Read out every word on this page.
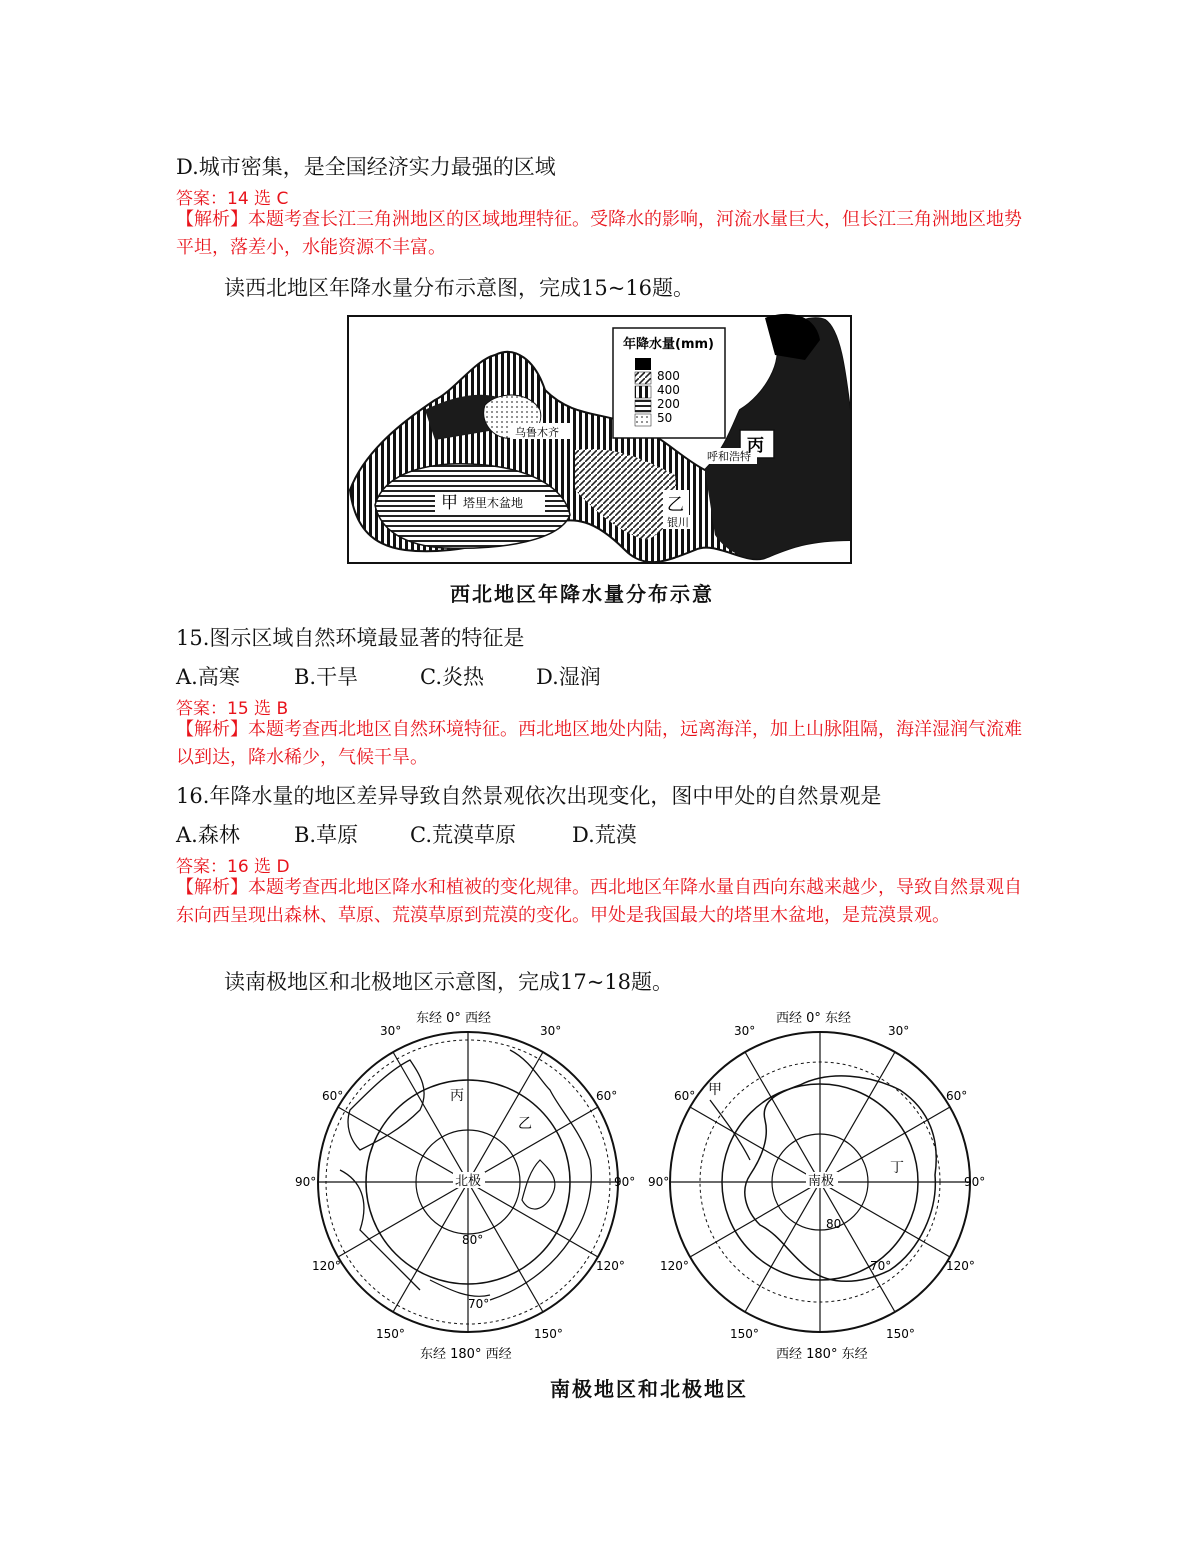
D.城市密集，是全国经济实力最强的区域
答案：14 选 C
【解析】本题考查长江三角洲地区的区域地理特征。受降水的影响，河流水量巨大，但长江三角洲地区地势平坦，落差小，水能资源不丰富。
读西北地区年降水量分布示意图，完成15~16题。
年降水量(mm)
800
400
200
50
乌鲁木齐
甲 塔里木盆地
丙
呼和浩特
乙
银川
西北地区年降水量分布示意
15.图示区域自然环境最显著的特征是
A.高寒	B.干旱	C.炎热 D.湿润
答案：15 选 B
【解析】本题考查西北地区自然环境特征。西北地区地处内陆，远离海洋，加上山脉阻隔，海洋湿润气流难以到达，降水稀少，气候干旱。
16.年降水量的地区差异导致自然景观依次出现变化，图中甲处的自然景观是
A.森林	B.草原 C.荒漠草原	D.荒漠
答案：16 选 D
【解析】本题考查西北地区降水和植被的变化规律。西北地区年降水量自西向东越来越少，导致自然景观自东向西呈现出森林、草原、荒漠草原到荒漠的变化。甲处是我国最大的塔里木盆地，是荒漠景观。
读南极地区和北极地区示意图，完成17~18题。
北极
东经 0° 西经
东经 180° 西经
80°
70°
丙
乙
30°	30°
60°	60°
90°	90°
120°	120°
150°	150°
南极
西经 0° 东经
西经 180° 东经
80
70°
甲
丁
30°	30°
60°	60°
90°	90°
120°	120°
150°	150°
南极地区和北极地区
